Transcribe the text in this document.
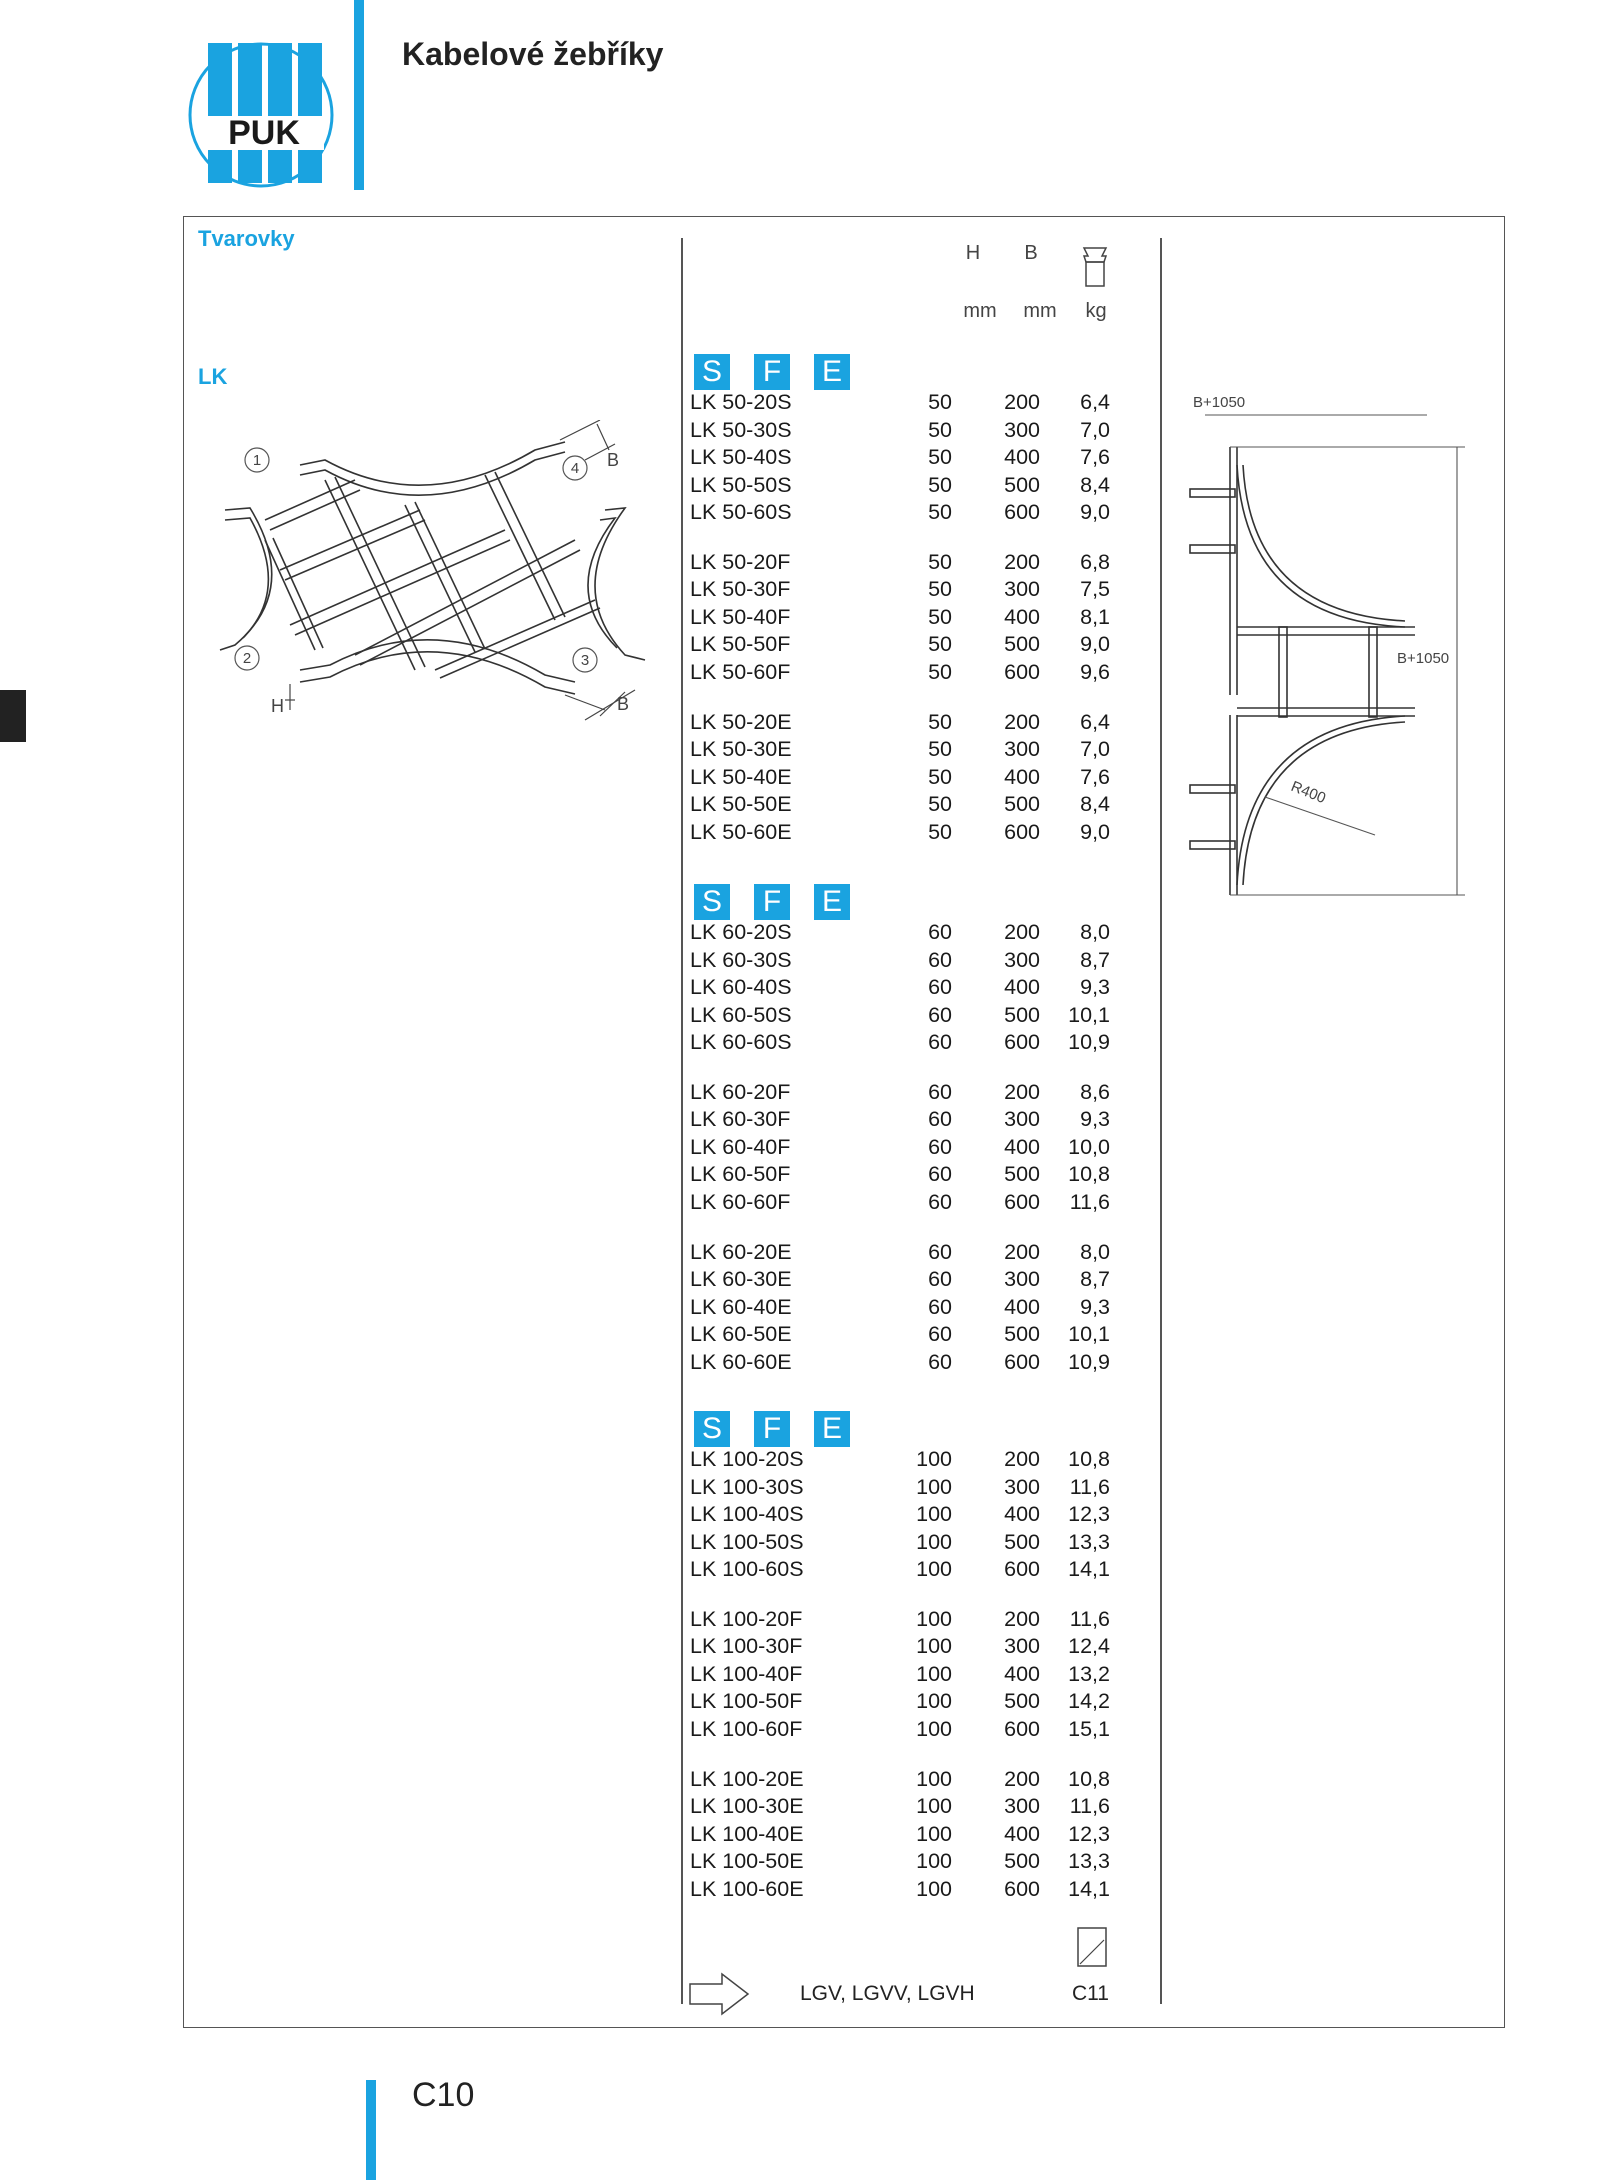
PUK
Kabelové žebříky
Tvarovky
LK
H	B
mm mm	kg
S F E
S F E
S F E
LK 50-20S	50 200 6,4
LK 50-30S	50 300 7,0
LK 50-40S	50 400 7,6
LK 50-50S	50 500 8,4
LK 50-60S	50 600 9,0
LK 50-20F	50 200 6,8
LK 50-30F	50 300 7,5
LK 50-40F	50 400 8,1
LK 50-50F	50 500 9,0
LK 50-60F	50 600 9,6
LK 50-20E	50 200 6,4
LK 50-30E	50 300 7,0
LK 50-40E	50 400 7,6
LK 50-50E	50 500 8,4
LK 50-60E	50 600 9,0
LK 60-20S	60 200 8,0
LK 60-30S	60 300 8,7
LK 60-40S	60 400 9,3
LK 60-50S	60 500 10,1
LK 60-60S	60 600 10,9
LK 60-20F	60 200 8,6
LK 60-30F	60 300 9,3
LK 60-40F	60 400 10,0
LK 60-50F	60 500 10,8
LK 60-60F	60 600 11,6
LK 60-20E	60 200 8,0
LK 60-30E	60 300 8,7
LK 60-40E	60 400 9,3
LK 60-50E	60 500 10,1
LK 60-60E	60 600 10,9
LK 100-20S	100 200 10,8
LK 100-30S	100 300 11,6
LK 100-40S	100 400 12,3
LK 100-50S	100 500 13,3
LK 100-60S	100 600 14,1
LK 100-20F	100 200 11,6
LK 100-30F	100 300 12,4
LK 100-40F	100 400 13,2
LK 100-50F	100 500 14,2
LK 100-60F	100 600 15,1
LK 100-20E	100 200 10,8
LK 100-30E	100 300 11,6
LK 100-40E	100 400 12,3
LK 100-50E	100 500 13,3
LK 100-60E	100 600 14,1
B
B
H
1
2	3
4
B+1050
B+1050
R400
LGV, LGVV, LGVH	C11
C10
